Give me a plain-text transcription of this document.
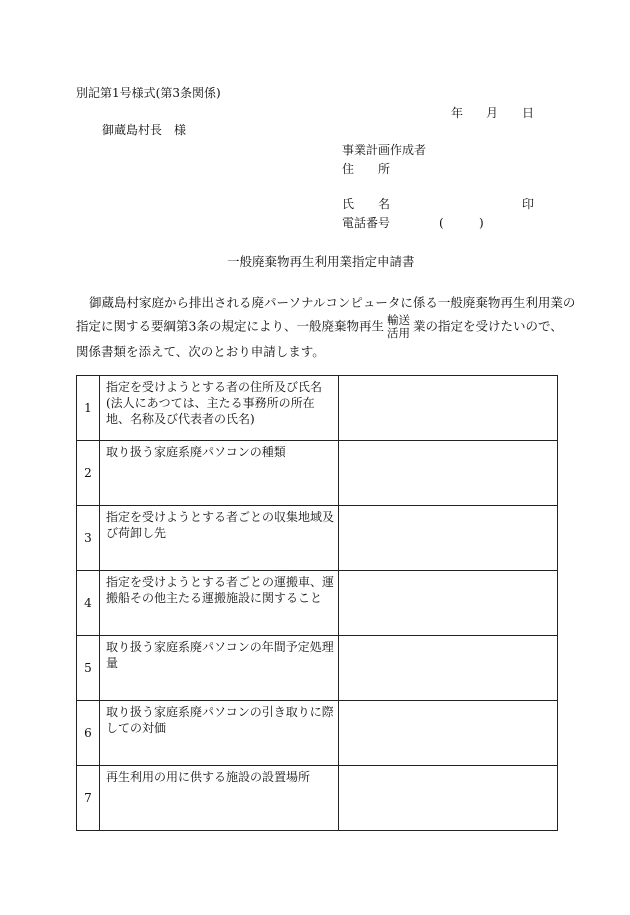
別記第1号様式(第3条関係)
年 月 日
御蔵島村長　様
事業計画作成者
住　　所
氏　　名	印
電話番号	(	)
一般廃棄物再生利用業指定申請書
御蔵島村家庭から排出される廃パーソナルコンピュータに係る一般廃棄物再生利用業の
指定に関する要綱第3条の規定により、一般廃棄物再生 輸送
活用 業の指定を受けたいので、
関係書類を添えて、次のとおり申請します。
1	指定を受けようとする者の住所及び氏名(法人にあつては、主たる事務所の所在地、名称及び代表者の氏名)	
2	取り扱う家庭系廃パソコンの種類	
3	指定を受けようとする者ごとの収集地域及び荷卸し先	
4	指定を受けようとする者ごとの運搬車、運搬船その他主たる運搬施設に関すること	
5	取り扱う家庭系廃パソコンの年間予定処理量	
6	取り扱う家庭系廃パソコンの引き取りに際しての対価	
7	再生利用の用に供する施設の設置場所	
